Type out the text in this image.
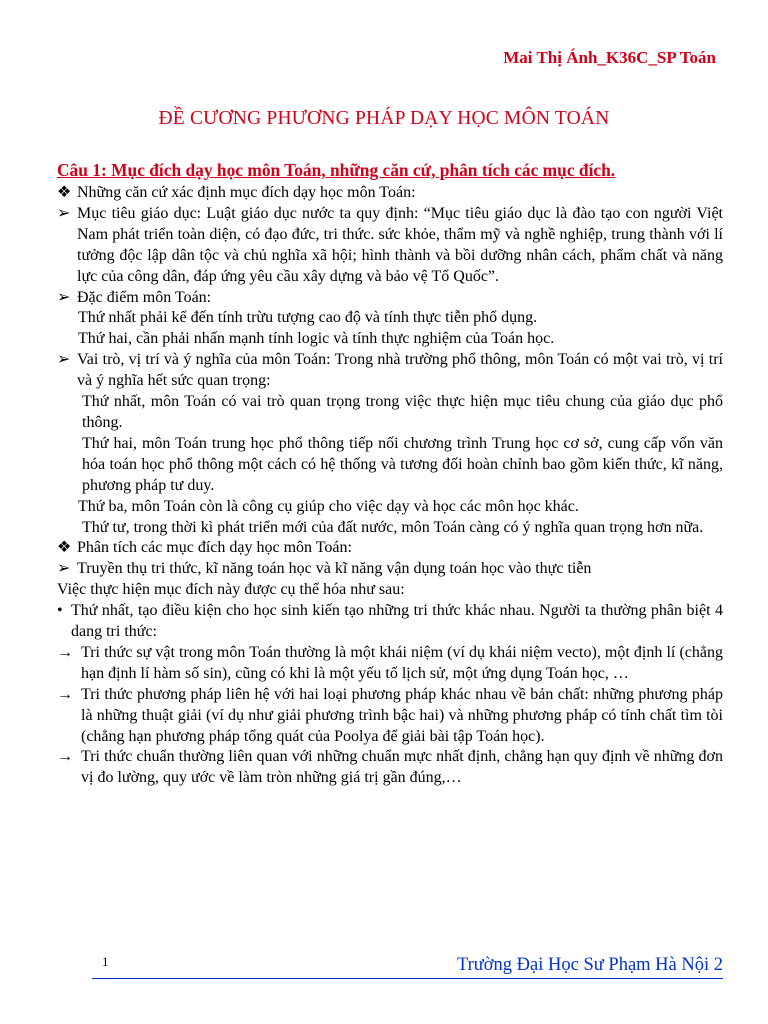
Mai Thị Ánh_K36C_SP Toán
ĐỀ CƯƠNG PHƯƠNG PHÁP DẠY HỌC MÔN TOÁN
Câu 1: Mục đích dạy học môn Toán, những căn cứ, phân tích các mục đích.
❖ Những căn cứ xác định mục đích dạy học môn Toán:
➢ Mục tiêu giáo dục: Luật giáo dục nước ta quy định: “Mục tiêu giáo dục là đào tạo con người Việt Nam phát triển toàn diện, có đạo đức, tri thức. sức khỏe, thẩm mỹ và nghề nghiệp, trung thành với lí tưởng độc lập dân tộc và chủ nghĩa xã hội; hình thành và bồi dưỡng nhân cách, phẩm chất và năng lực của công dân, đáp ứng yêu cầu xây dựng và bảo vệ Tổ Quốc”.
➢ Đặc điểm môn Toán:

Thứ nhất phải kể đến tính trừu tượng cao độ và tính thực tiễn phổ dụng.

Thứ hai, cần phải nhấn mạnh tính logic và tính thực nghiệm của Toán học.

➢ Vai trò, vị trí và ý nghĩa của môn Toán: Trong nhà trường phổ thông, môn Toán có một vai trò, vị trí và ý nghĩa hết sức quan trọng:

Thứ nhất, môn Toán có vai trò quan trọng trong việc thực hiện mục tiêu chung của giáo dục phổ thông.

Thứ hai, môn Toán trung học phổ thông tiếp nối chương trình Trung học cơ sở, cung cấp vốn văn hóa toán học phổ thông một cách có hệ thống và tương đối hoàn chỉnh bao gồm kiến thức, kĩ năng, phương pháp tư duy.

Thứ ba, môn Toán còn là công cụ giúp cho việc dạy và học các môn học khác.

Thứ tư, trong thời kì phát triển mới của đất nước, môn Toán càng có ý nghĩa quan trọng hơn nữa.

❖ Phân tích các mục đích dạy học môn Toán:
➢ Truyền thụ tri thức, kĩ năng toán học và kĩ năng vận dụng toán học vào thực tiễn

Việc thực hiện mục đích này được cụ thể hóa như sau:

• Thứ nhất, tạo điều kiện cho học sinh kiến tạo những tri thức khác nhau. Người ta thường phân biệt 4 dang tri thức:
→ Tri thức sự vật trong môn Toán thường là một khái niệm (ví dụ khái niệm vecto), một định lí (chẳng hạn định lí hàm số sin), cũng có khi là một yếu tố lịch sử, một ứng dụng Toán học, …
→ Tri thức phương pháp liên hệ với hai loại phương pháp khác nhau về bản chất: những phương pháp là những thuật giải (ví dụ như giải phương trình bậc hai) và những phương pháp có tính chất tìm tòi (chẳng hạn phương pháp tổng quát của Poolya để giải bài tập Toán học).
→ Tri thức chuẩn thường liên quan với những chuẩn mực nhất định, chẳng hạn quy định về những đơn vị đo lường, quy ước về làm tròn những giá trị gần đúng,…
1	Trường Đại Học Sư Phạm Hà Nội 2
